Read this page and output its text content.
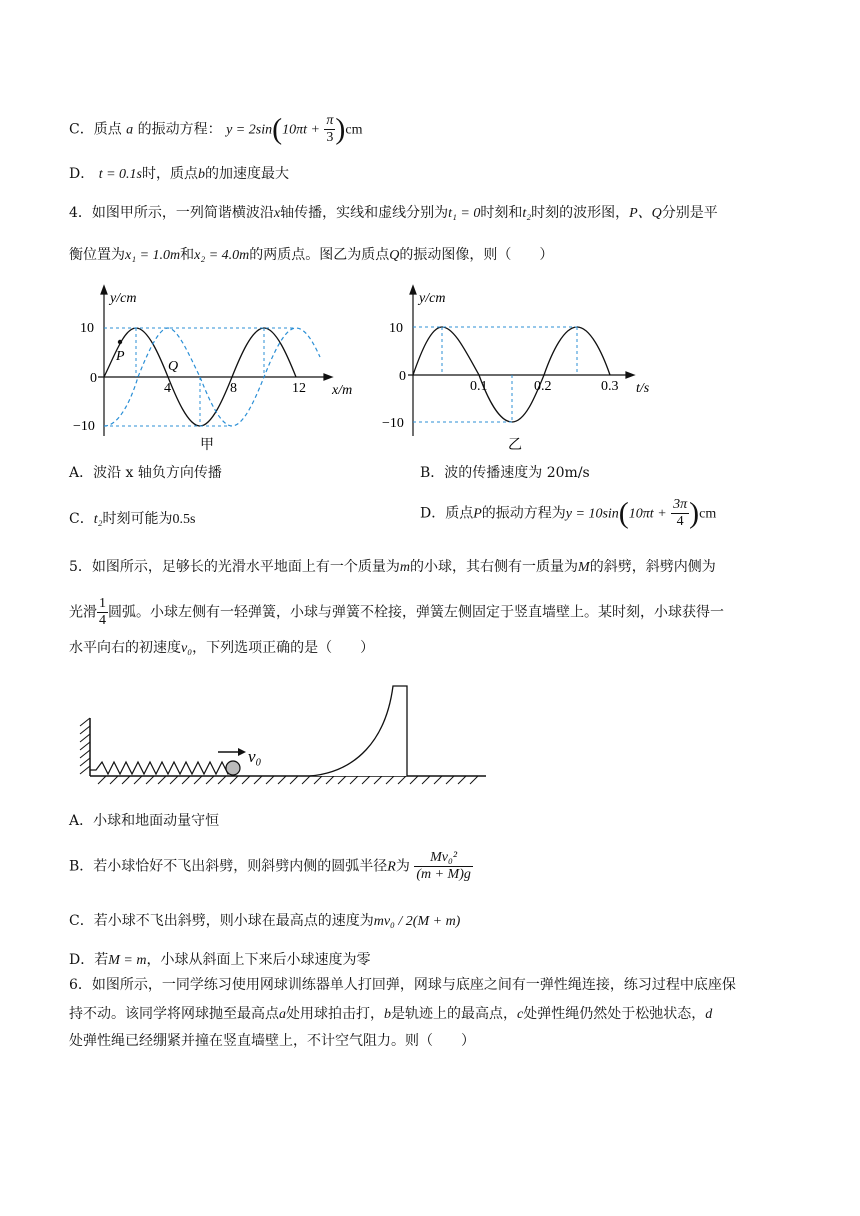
C．质点 a 的振动方程： $y = 2\sin(10\pi t + \frac{\pi}{3} )cm$
D． t = 0.1s时，质点b的加速度最大
4．如图甲所示，一列简谐横波沿x轴传播，实线和虚线分别为t₁ = 0时刻和t₂时刻的波形图，P、Q分别是平
衡位置为x₁ = 1.0m和x₂ = 4.0m的两质点。图乙为质点Q的振动图像，则（　　）
P
Q
y/cm
x/m
10
0
−10
4	8	12
甲
y/cm
t/s
10
0
−10
0.1	0.2	0.3
乙
A．波沿 x 轴负方向传播	B．波的传播速度为 20m/s
C．t₂时刻可能为0.5s	D．质点P的振动方程为$y = 10\sin(10\pi t + \frac{3\pi}{4} )cm$
5．如图所示，足够长的光滑水平地面上有一个质量为m的小球，其右侧有一质量为M的斜劈，斜劈内侧为
光滑 $\frac{1}{4}$ 圆弧。小球左侧有一轻弹簧，小球与弹簧不栓接，弹簧左侧固定于竖直墙壁上。某时刻，小球获得一
水平向右的初速度v₀，下列选项正确的是（　　）
v₀
A．小球和地面动量守恒
B．若小球恰好不飞出斜劈，则斜劈内侧的圆弧半径R为 $\frac{\text{Mv₀²}}{(m + M)g}$
C．若小球不飞出斜劈，则小球在最高点的速度为mv₀ / 2(M + m)
D．若M = m，小球从斜面上下来后小球速度为零
6．如图所示，一同学练习使用网球训练器单人打回弹，网球与底座之间有一弹性绳连接，练习过程中底座保
持不动。该同学将网球抛至最高点a处用球拍击打，b是轨迹上的最高点，c处弹性绳仍然处于松弛状态，d
处弹性绳已经绷紧并撞在竖直墙壁上，不计空气阻力。则（　　）
